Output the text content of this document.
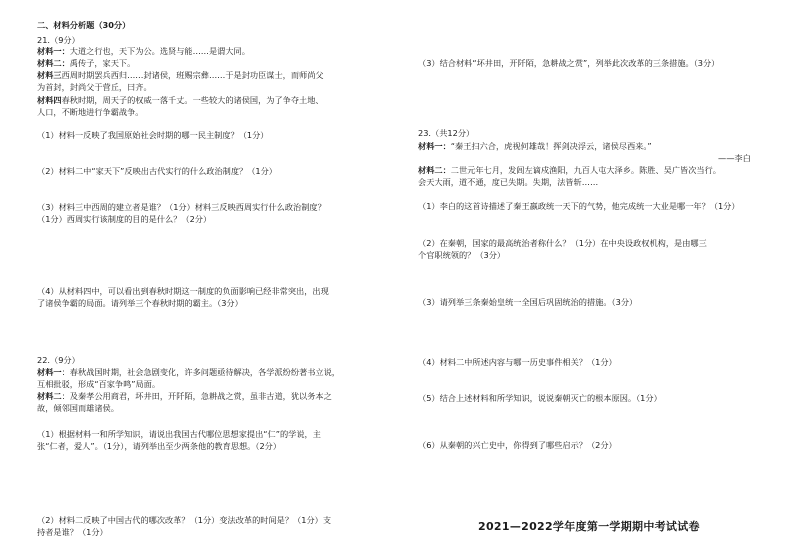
二、材料分析题（30分）
21.（9分）
材料一：大道之行也，天下为公。选贤与能……是谓大同。
材料二：禹传子，家天下。
材料三西周时期罢兵西归……封诸侯，班赐宗彝……于是封功臣谋士，而师尚父
为首封，封尚父于营丘，曰齐。
材料四春秋时期，周天子的权威一落千丈。一些较大的诸侯国，为了争夺土地、
人口，不断地进行争霸战争。
（1）材料一反映了我国原始社会时期的哪一民主制度？（1分）
（2）材料二中“家天下”反映出古代实行的什么政治制度？（1分）
（3）材料三中西周的建立者是谁？（1分）材料三反映西周实行什么政治制度？
（1分）西周实行该制度的目的是什么？（2分）
（4）从材料四中，可以看出到春秋时期这一制度的负面影响已经非常突出，出现
了诸侯争霸的局面。请列举三个春秋时期的霸主。（3分）
22.（9分）
材料一：春秋战国时期，社会急剧变化，许多问题亟待解决，各学派纷纷著书立说，
互相批驳，形成“百家争鸣”局面。
材料二：及秦孝公用商君，坏井田，开阡陌，急耕战之赏，虽非古道，犹以务本之
故，倾邻国而雄诸侯。
（1）根据材料一和所学知识，请说出我国古代哪位思想家提出“仁”的学说，主
张“仁者，爱人”。（1分），请列举出至少两条他的教育思想。（2分）
（2）材料二反映了中国古代的哪次改革？（1分）变法改革的时间是？（1分）支
持者是谁？（1分）
（3）结合材料“坏井田，开阡陌，急耕战之赏”，列举此次改革的三条措施。（3分）
23.（共12分）
材料一：“秦王扫六合，虎视何雄哉！挥剑决浮云，诸侯尽西来。”
——李白
材料二：二世元年七月，发闾左谪戍渔阳，九百人屯大泽乡。陈胜、吴广皆次当行。
会天大雨，道不通，度已失期。失期，法皆斩……
（1）李白的这首诗描述了秦王嬴政统一天下的气势，他完成统一大业是哪一年？（1分）
（2）在秦朝，国家的最高统治者称什么？（1分）在中央设政权机构，是由哪三
个官职统领的？（3分）
（3）请列举三条秦始皇统一全国后巩固统治的措施。（3分）
（4）材料二中所述内容与哪一历史事件相关？（1分）
（5）结合上述材料和所学知识，说说秦朝灭亡的根本原因。（1分）
（6）从秦朝的兴亡史中，你得到了哪些启示？（2分）
2021—2022学年度第一学期期中考试试卷
